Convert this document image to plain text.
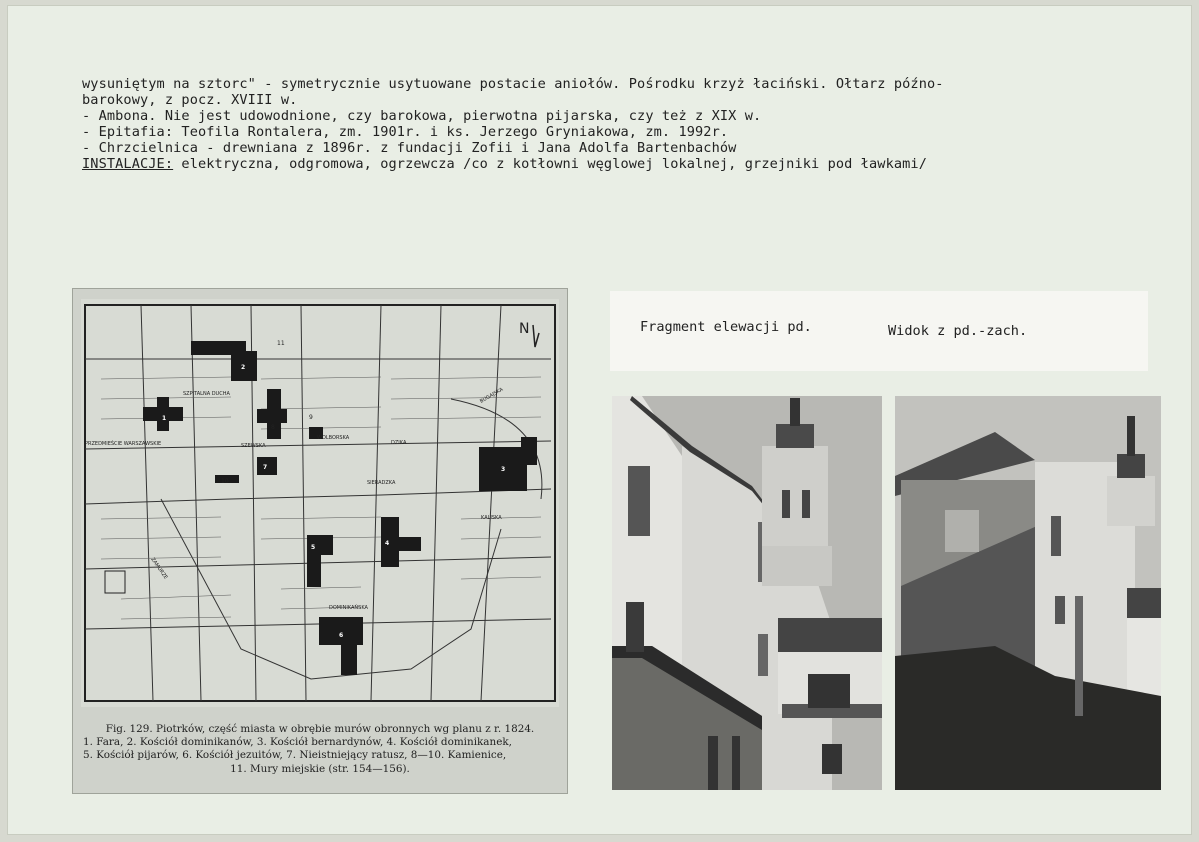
wysuniętym na sztorc" - symetrycznie usytuowane postacie aniołów. Pośrodku krzyż łaciński. Ołtarz późno-
barokowy, z pocz. XVIII w.
- Ambona. Nie jest udowodnione, czy barokowa, pierwotna pijarska, czy też z XIX w.
- Epitafia: Teofila Rontalera, zm. 1901r. i ks. Jerzego Gryniakowa, zm. 1992r.
- Chrzcielnica - drewniana z 1896r. z fundacji Zofii i Jana Adolfa Bartenbachów
INSTALACJE: elektryczna, odgromowa, ogrzewcza /co z kotłowni węglowej lokalnej, grzejniki pod ławkami/
PRZEDMIEŚCIE WARSZAWSKIE
SZPITALNA DUCHA	BUGAJSKA
SZEWSKA
WOLBORSKA
DZIKA
SIERADZKA
KALISKA
DOMINIKAŃSKA
ZAMURZE
1
2
3
4
5
6
7
8
9
10
11
N
Fig. 129. Piotrków, część miasta w obrębie murów obronnych wg planu z r. 1824.
1. Fara, 2. Kościół dominikanów, 3. Kościół bernardynów, 4. Kościół dominikanek,
5. Kościół pijarów, 6. Kościół jezuitów, 7. Nieistniejący ratusz, 8—10. Kamienice,
11. Mury miejskie (str. 154—156).
Fragment elewacji pd.	Widok z pd.-zach.
